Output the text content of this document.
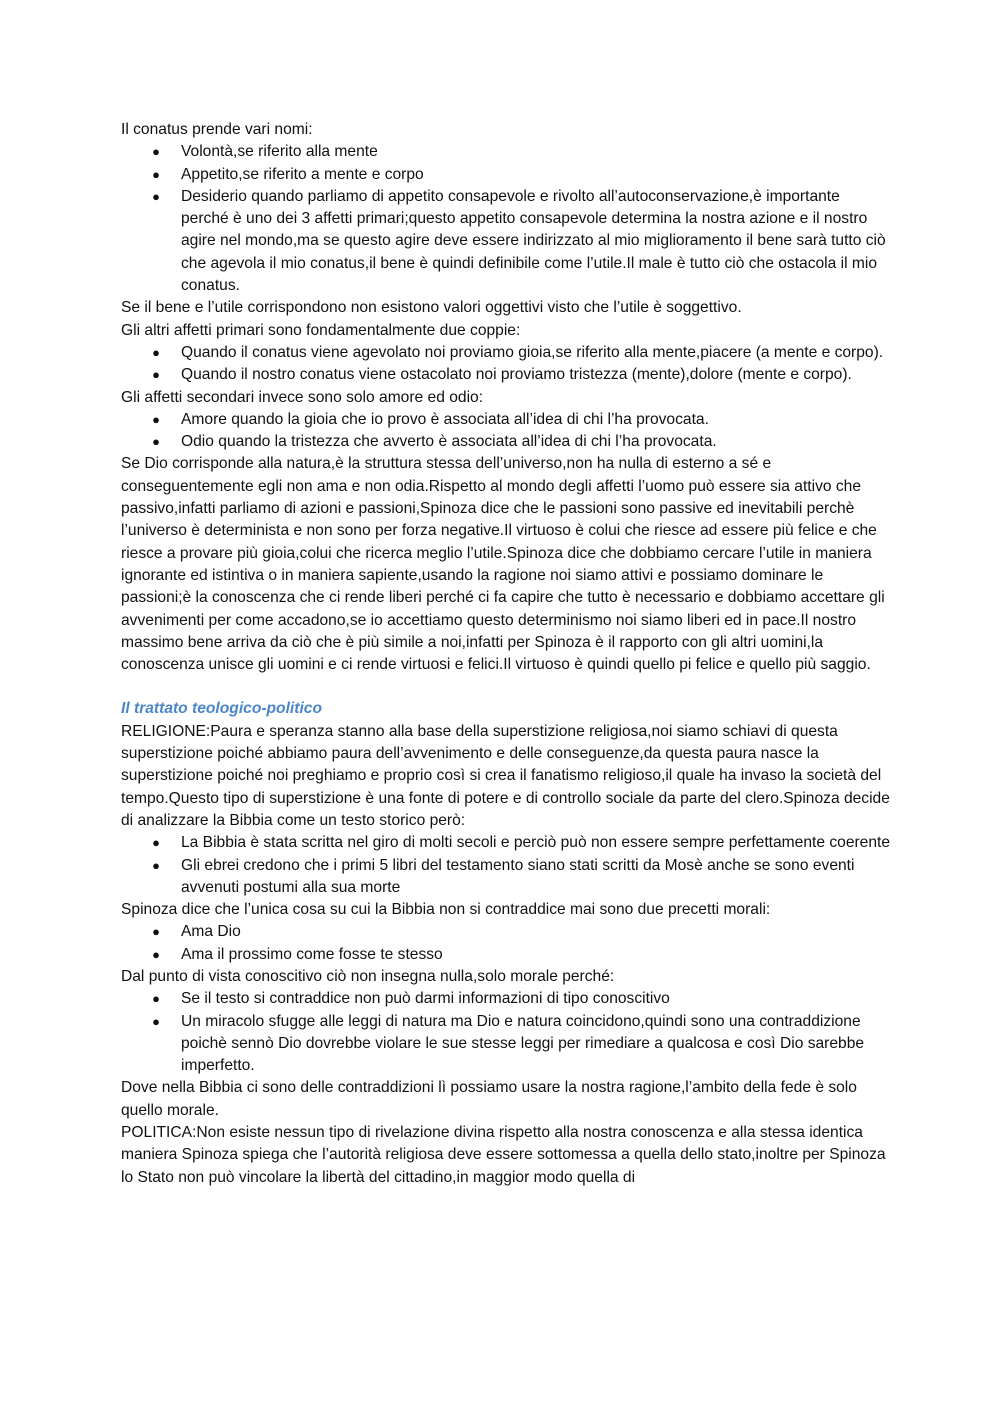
Il conatus prende vari nomi:

● Volontà,se riferito alla mente
● Appetito,se riferito a mente e corpo
● Desiderio quando parliamo di appetito consapevole e rivolto all’autoconservazione,è importante perché è uno dei 3 affetti primari;questo appetito consapevole determina la nostra azione e il nostro agire nel mondo,ma se questo agire deve essere indirizzato al mio miglioramento il bene sarà tutto ciò che agevola il mio conatus,il bene è quindi definibile come l’utile.Il male è tutto ciò che ostacola il mio conatus.

Se il bene e l’utile corrispondono non esistono valori oggettivi visto che l’utile è soggettivo.

Gli altri affetti primari sono fondamentalmente due coppie:

● Quando il conatus viene agevolato noi proviamo gioia,se riferito alla mente,piacere (a mente e corpo).
● Quando il nostro conatus viene ostacolato noi proviamo tristezza (mente),dolore (mente e corpo).

Gli affetti secondari invece sono solo amore ed odio:

● Amore quando la gioia che io provo è associata all’idea di chi l’ha provocata.
● Odio quando la tristezza che avverto è associata all’idea di chi l’ha provocata.

Se Dio corrisponde alla natura,è la struttura stessa dell’universo,non ha nulla di esterno a sé e conseguentemente egli non ama e non odia.Rispetto al mondo degli affetti l’uomo può essere sia attivo che passivo,infatti parliamo di azioni e passioni,Spinoza dice che le passioni sono passive ed inevitabili perchè l’universo è determinista e non sono per forza negative.Il virtuoso è colui che riesce ad essere più felice e che riesce a provare più gioia,colui che ricerca meglio l’utile.Spinoza dice che dobbiamo cercare l’utile in maniera ignorante ed istintiva o in maniera sapiente,usando la ragione noi siamo attivi e possiamo dominare le passioni;è la conoscenza che ci rende liberi perché ci fa capire che tutto è necessario e dobbiamo accettare gli avvenimenti per come accadono,se io accettiamo questo determinismo noi siamo liberi ed in pace.Il nostro massimo bene arriva da ciò che è più simile a noi,infatti per Spinoza è il rapporto con gli altri uomini,la conoscenza unisce gli uomini e ci rende virtuosi e felici.Il virtuoso è quindi quello pi felice e quello più saggio.

Il trattato teologico-politico

RELIGIONE:Paura e speranza stanno alla base della superstizione religiosa,noi siamo schiavi di questa superstizione poiché abbiamo paura dell’avvenimento e delle conseguenze,da questa paura nasce la superstizione poiché noi preghiamo e proprio così si crea il fanatismo religioso,il quale ha invaso la società del tempo.Questo tipo di superstizione è una fonte di potere e di controllo sociale da parte del clero.Spinoza decide di analizzare la Bibbia come un testo storico però:

● La Bibbia è stata scritta nel giro di molti secoli e perciò può non essere sempre perfettamente coerente
● Gli ebrei credono che i primi 5 libri del testamento siano stati scritti da Mosè anche se sono eventi avvenuti postumi alla sua morte

Spinoza dice che l’unica cosa su cui la Bibbia non si contraddice mai sono due precetti morali:

● Ama Dio
● Ama il prossimo come fosse te stesso

Dal punto di vista conoscitivo ciò non insegna nulla,solo morale perché:

● Se il testo si contraddice non può darmi informazioni di tipo conoscitivo
● Un miracolo sfugge alle leggi di natura ma Dio e natura coincidono,quindi sono una contraddizione poichè sennò Dio dovrebbe violare le sue stesse leggi per rimediare a qualcosa e così Dio sarebbe imperfetto.

Dove nella Bibbia ci sono delle contraddizioni lì possiamo usare la nostra ragione,l’ambito della fede è solo quello morale.

POLITICA:Non esiste nessun tipo di rivelazione divina rispetto alla nostra conoscenza e alla stessa identica maniera Spinoza spiega che l’autorità religiosa deve essere sottomessa a quella dello stato,inoltre per Spinoza lo Stato non può vincolare la libertà del cittadino,in maggior modo quella di
